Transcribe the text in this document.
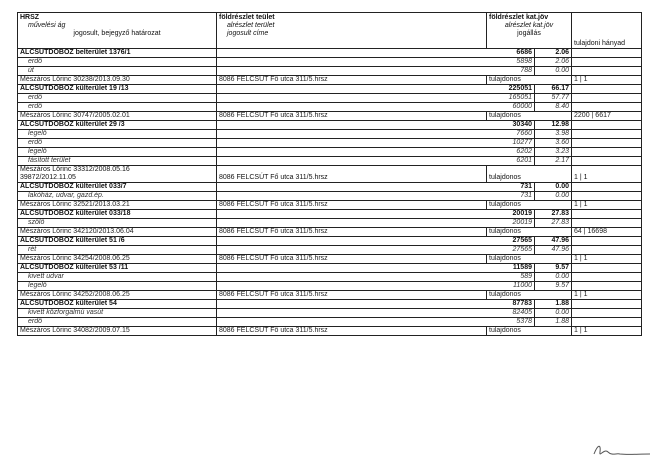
HRSZ
művelési ág
jogosult, bejegyző határozat	földrészlet teület
alrészlet terület
jogosult címe	földrészlet kat.jöv
alrészlet kat.jöv
jogállás		tulajdoni hányad

ALCSÚTDOBOZ belterület 1376/1	6686		2.06	
erdő	5898		2.06	
út	788		0.00	
Mészáros Lőrinc 30238/2013.09.30	8086 FELCSÚT Fő utca 311/5.hrsz	tulajdonos		1 | 1
ALCSÚTDOBOZ külterület 19 /13	225051		66.17	
erdő	165051		57.77	
erdő	60000		8.40	
Mészáros Lőrinc 30747/2005.02.01	8086 FELCSÚT Fő utca 311/5.hrsz	tulajdonos		2200 | 6617
ALCSÚTDOBOZ külterület 29 /3	30340		12.98	
legelő	7660		3.98	
erdő	10277		3.60	
legelő	6202		3.23	
fásított terület	6201		2.17	

Mészáros Lőrinc 33312/2008.05.16
39872/2012.11.05	8086 FELCSÚT Fő utca 311/5.hrsz	tulajdonos		1 | 1
ALCSÚTDOBOZ külterület 033/7	731		0.00	
lakóház, udvar, gazd.ép.	731		0.00	
Mészáros Lőrinc 32521/2013.03.21	8086 FELCSÚT Fő utca 311/5.hrsz	tulajdonos		1 | 1
ALCSÚTDOBOZ külterület 033/18	20019		27.83	
szőlő	20019		27.83	
Mészáros Lőrinc 342120/2013.06.04	8086 FELCSÚT Fő utca 311/5.hrsz	tulajdonos		64 | 16698
ALCSÚTDOBOZ külterület 51 /6	27565		47.96	
rét	27565		47.96	
Mészáros Lőrinc 34254/2008.06.25	8086 FELCSÚT Fő utca 311/5.hrsz	tulajdonos		1 | 1
ALCSÚTDOBOZ külterület 53 /11	11589		9.57	
kivett udvar	589		0.00	
legelő	11000		9.57	
Mészáros Lőrinc 34252/2008.06.25	8086 FELCSÚT Fő utca 311/5.hrsz	tulajdonos		1 | 1
ALCSÚTDOBOZ külterület 54	87783		1.88	
kivett közforgalmú vasút	82405		0.00	
erdő	5378		1.88	
Mészáros Lőrinc 34082/2009.07.15	8086 FELCSÚT Fő utca 311/5.hrsz	tulajdonos		1 | 1
